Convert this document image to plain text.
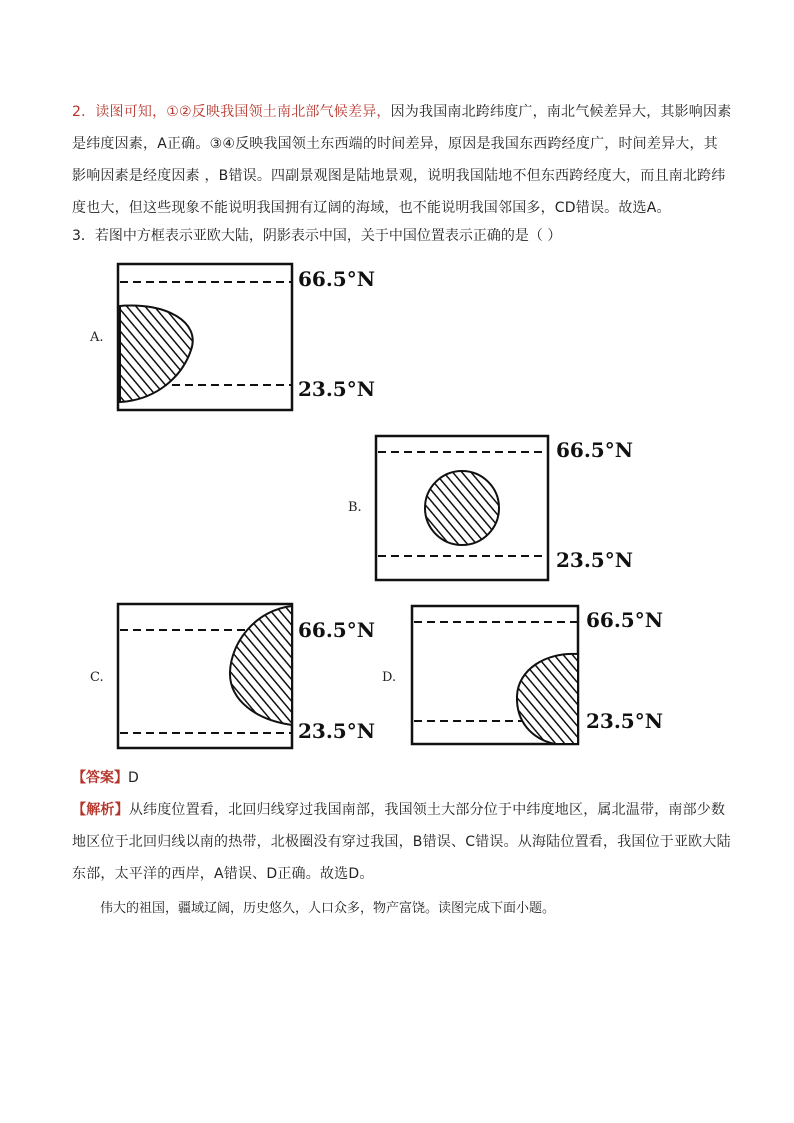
2．读图可知，①②反映我国领土南北部气候差异，因为我国南北跨纬度广，南北气候差异大，其影响因素是纬度因素，A正确。③④反映我国领土东西端的时间差异，原因是我国东西跨经度广，时间差异大，其影响因素是经度因素 ，B错误。四副景观图是陆地景观，说明我国陆地不但东西跨经度大，而且南北跨纬度也大，但这些现象不能说明我国拥有辽阔的海域，也不能说明我国邻国多，CD错误。故选A。
3．若图中方框表示亚欧大陆，阴影表示中国，关于中国位置表示正确的是（ ）
A.
66.5°N
23.5°N
B.
66.5°N
23.5°N
C.
66.5°N
23.5°N
D.
66.5°N
23.5°N
【答案】D
【解析】从纬度位置看，北回归线穿过我国南部，我国领土大部分位于中纬度地区，属北温带，南部少数地区位于北回归线以南的热带，北极圈没有穿过我国，B错误、C错误。从海陆位置看，我国位于亚欧大陆东部，太平洋的西岸，A错误、D正确。故选D。
伟大的祖国，疆域辽阔，历史悠久，人口众多，物产富饶。读图完成下面小题。
